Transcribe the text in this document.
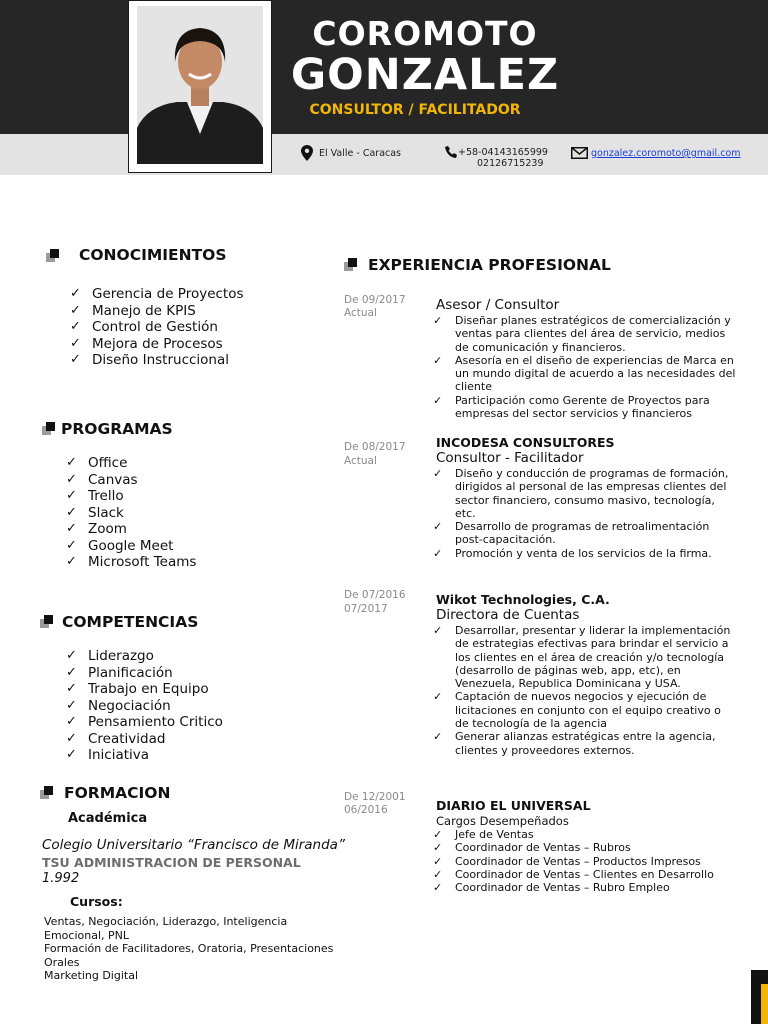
COROMOTO
GONZALEZ
CONSULTOR / FACILITADOR
El Valle - Caracas	+58-04143165999
02126715239
gonzalez.coromoto@gmail.com
CONOCIMIENTOS
✓ Gerencia de Proyectos
✓ Manejo de KPIS
✓ Control de Gestión
✓ Mejora de Procesos
✓ Diseño Instruccional
PROGRAMAS
✓ Office
✓ Canvas
✓ Trello
✓ Slack
✓ Zoom
✓ Google Meet
✓ Microsoft Teams
COMPETENCIAS
✓ Liderazgo
✓ Planificación
✓ Trabajo en Equipo
✓ Negociación
✓ Pensamiento Critico
✓ Creatividad
✓ Iniciativa
FORMACION
Académica
Colegio Universitario “Francisco de Miranda”
TSU ADMINISTRACION DE PERSONAL
1.992
Cursos:
Ventas, Negociación, Liderazgo, Inteligencia Emocional, PNL
Formación de Facilitadores, Oratoria, Presentaciones Orales
Marketing Digital
EXPERIENCIA PROFESIONAL
De 09/2017
Actual	Asesor / Consultor
✓ Diseñar planes estratégicos de comercialización y ventas para clientes del área de servicio, medios de comunicación y financieros.
✓ Asesoría en el diseño de experiencias de Marca en un mundo digital de acuerdo a las necesidades del cliente
✓ Participación como Gerente de Proyectos para empresas del sector servicios y financieros
De 08/2017
Actual
INCODESA CONSULTORES
Consultor - Facilitador
✓ Diseño y conducción de programas de formación, dirigidos al personal de las empresas clientes del sector financiero, consumo masivo, tecnología, etc.
✓ Desarrollo de programas de retroalimentación post-capacitación.
✓ Promoción y venta de los servicios de la firma.
De 07/2016
07/2017
Wikot Technologies, C.A.
Directora de Cuentas
✓ Desarrollar, presentar y liderar la implementación de estrategias efectivas para brindar el servicio a los clientes en el área de creación y/o tecnología (desarrollo de páginas web, app, etc), en Venezuela, Republica Dominicana y USA.
✓ Captación de nuevos negocios y ejecución de licitaciones en conjunto con el equipo creativo o de tecnología de la agencia
✓ Generar alianzas estratégicas entre la agencia, clientes y proveedores externos.
De 12/2001
06/2016	DIARIO EL UNIVERSAL
Cargos Desempeñados
✓ Jefe de Ventas
✓ Coordinador de Ventas – Rubros
✓ Coordinador de Ventas – Productos Impresos
✓ Coordinador de Ventas – Clientes en Desarrollo
✓ Coordinador de Ventas – Rubro Empleo
